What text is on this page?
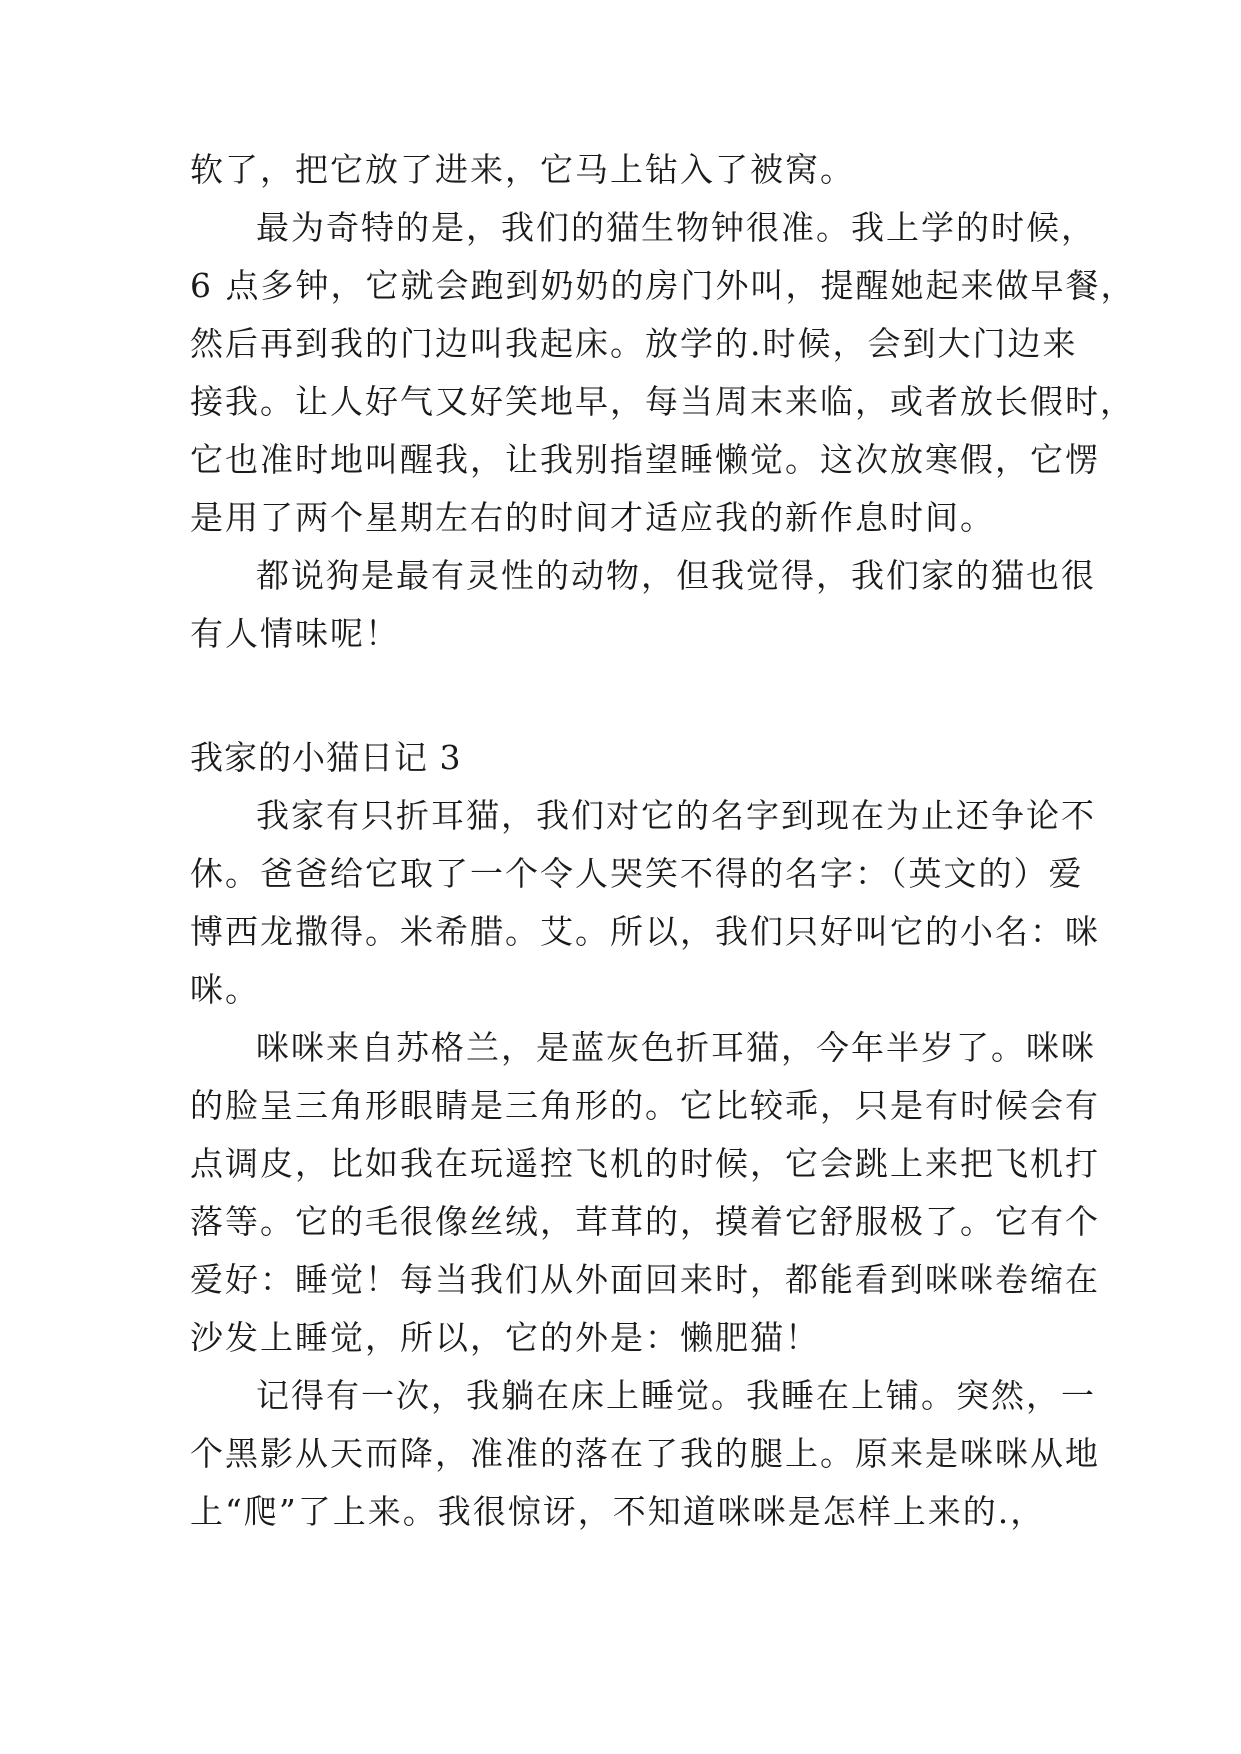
软了，把它放了进来，它马上钻入了被窝。
最为奇特的是，我们的猫生物钟很准。我上学的时候，
6 点多钟，它就会跑到奶奶的房门外叫，提醒她起来做早餐，
然后再到我的门边叫我起床。放学的.时候，会到大门边来
接我。让人好气又好笑地早，每当周末来临，或者放长假时，
它也准时地叫醒我，让我别指望睡懒觉。这次放寒假，它愣
是用了两个星期左右的时间才适应我的新作息时间。
都说狗是最有灵性的动物，但我觉得，我们家的猫也很
有人情味呢！
我家的小猫日记 3
我家有只折耳猫，我们对它的名字到现在为止还争论不
休。爸爸给它取了一个令人哭笑不得的名字：（英文的）爱
博西龙撒得。米希腊。艾。所以，我们只好叫它的小名：咪
咪。
咪咪来自苏格兰，是蓝灰色折耳猫，今年半岁了。咪咪
的脸呈三角形眼睛是三角形的。它比较乖，只是有时候会有
点调皮，比如我在玩遥控飞机的时候，它会跳上来把飞机打
落等。它的毛很像丝绒，茸茸的，摸着它舒服极了。它有个
爱好：睡觉！每当我们从外面回来时，都能看到咪咪卷缩在
沙发上睡觉，所以，它的外是：懒肥猫！
记得有一次，我躺在床上睡觉。我睡在上铺。突然，一
个黑影从天而降，准准的落在了我的腿上。原来是咪咪从地
上“爬”了上来。我很惊讶，不知道咪咪是怎样上来的.，
